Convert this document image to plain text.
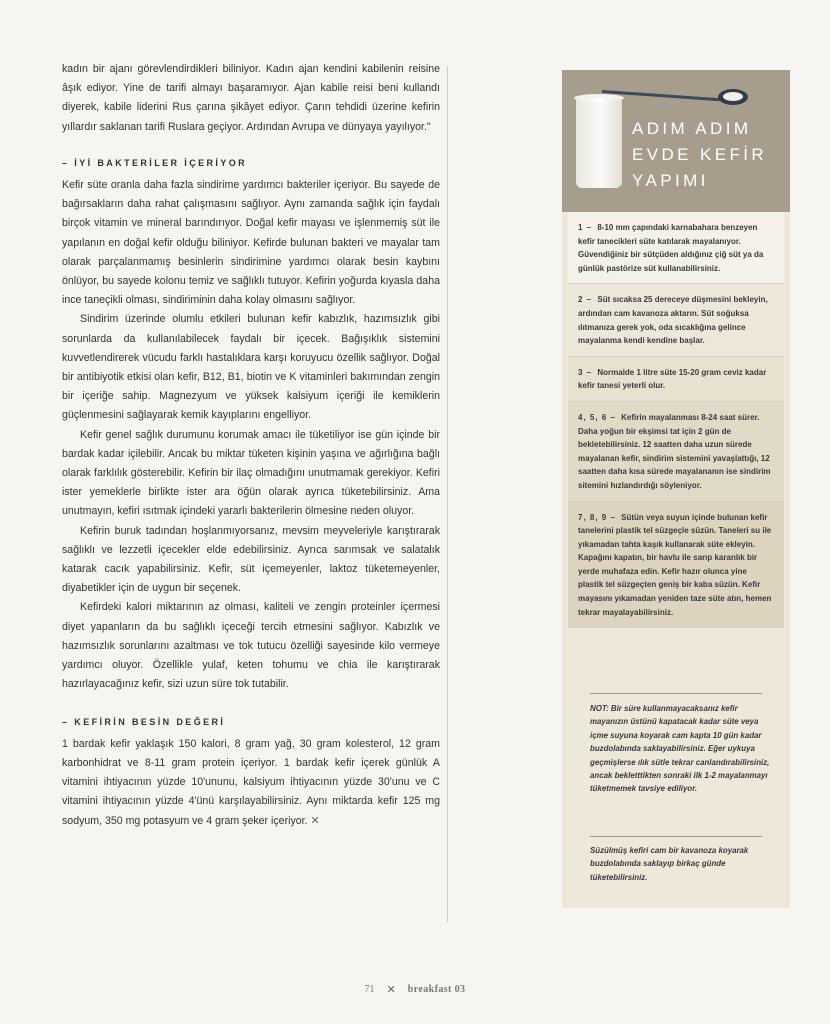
kadın bir ajanı görevlendirdikleri biliniyor. Kadın ajan kendini kabilenin reisine âşık ediyor. Yine de tarifi almayı başaramıyor. Ajan kabile reisi beni kullandı diyerek, kabile liderini Rus çarına şikâyet ediyor. Çarın tehdidi üzerine kefirin yıllardır saklanan tarifi Ruslara geçiyor. Ardından Avrupa ve dünyaya yayılıyor."

– İYİ BAKTERİLER İÇERİYOR

Kefir süte oranla daha fazla sindirime yardımcı bakteriler içeriyor. Bu sayede de bağırsakların daha rahat çalışmasını sağlıyor. Aynı zamanda sağlık için faydalı birçok vitamin ve mineral barındırıyor. Doğal kefir mayası ve işlenmemiş süt ile yapılanın en doğal kefir olduğu biliniyor. Kefirde bulunan bakteri ve mayalar tam olarak parçalanmamış besinlerin sindirimine yardımcı olarak besin kaybını önlüyor, bu sayede kolonu temiz ve sağlıklı tutuyor. Kefirin yoğurda kıyasla daha ince taneçikli olması, sindiriminin daha kolay olmasını sağlıyor.

Sindirim üzerinde olumlu etkileri bulunan kefir kabızlık, hazımsızlık gibi sorunlarda da kullanılabilecek faydalı bir içecek. Bağışıklık sistemini kuvvetlendirerek vücudu farklı hastalıklara karşı koruyucu özellik sağlıyor. Doğal bir antibiyotik etkisi olan kefir, B12, B1, biotin ve K vitaminleri bakımından zengin bir içeriğe sahip. Magnezyum ve yüksek kalsiyum içeriği ile kemiklerin güçlenmesini sağlayarak kemik kayıplarını engelliyor.

Kefir genel sağlık durumunu korumak amacı ile tüketiliyor ise gün içinde bir bardak kadar içilebilir. Ancak bu miktar tüketen kişinin yaşına ve ağırlığına bağlı olarak farklılık gösterebilir. Kefirin bir ilaç olmadığını unutmamak gerekiyor. Kefiri ister yemeklerle birlikte ister ara öğün olarak ayrıca tüketebilirsiniz. Ama unutmayın, kefiri ısıtmak içindeki yararlı bakterilerin ölmesine neden oluyor.

Kefirin buruk tadından hoşlanmıyorsanız, mevsim meyveleriyle karıştırarak sağlıklı ve lezzetli içecekler elde edebilirsiniz. Ayrıca sarımsak ve salatalık katarak cacık yapabilirsiniz. Kefir, süt içemeyenler, laktoz tüketemeyenler, diyabetikler için de uygun bir seçenek.

Kefirdeki kalori miktarının az olması, kaliteli ve zengin proteinler içermesi diyet yapanların da bu sağlıklı içeceği tercih etmesini sağlıyor. Kabızlık ve hazımsızlık sorunlarını azaltması ve tok tutucu özelliği sayesinde kilo vermeye yardımcı oluyor. Özellikle yulaf, keten tohumu ve chia ile karıştırarak hazırlayacağınız kefir, sizi uzun süre tok tutabilir.

– KEFİRİN BESİN DEĞERİ

1 bardak kefir yaklaşık 150 kalori, 8 gram yağ, 30 gram kolesterol, 12 gram karbonhidrat ve 8-11 gram protein içeriyor. 1 bardak kefir içerek günlük A vitamini ihtiyacının yüzde 10'ununu, kalsiyum ihtiyacının yüzde 30'unu ve C vitamini ihtiyacının yüzde 4'ünü karşılayabilirsiniz. Aynı miktarda kefir 125 mg sodyum, 350 mg potasyum ve 4 gram şeker içeriyor. ✕

ADIM ADIM
EVDE KEFİR
YAPIMI
1 – 8-10 mm çapındaki karnabahara benzeyen kefir tanecikleri süte katılarak mayalanıyor. Güvendiğiniz bir sütçüden aldığınız çiğ süt ya da günlük pastörize süt kullanabilirsiniz.
2 – Süt sıcaksa 25 dereceye düşmesini bekleyin, ardından cam kavanoza aktarın. Süt soğuksa ılıtmanıza gerek yok, oda sıcaklığına gelince mayalanma kendi kendine başlar.
3 – Normalde 1 litre süte 15-20 gram ceviz kadar kefir tanesi yeterli olur.
4, 5, 6 – Kefirin mayalanması 8-24 saat sürer. Daha yoğun bir ekşimsi tat için 2 gün de bekletebilirsiniz. 12 saatten daha uzun sürede mayalanan kefir, sindirim sistemini yavaşlattığı, 12 saatten daha kısa sürede mayalananın ise sindirim sitemini hızlandırdığı söyleniyor.
7, 8, 9 – Sütün veya suyun içinde bulunan kefir tanelerini plastik tel süzgeçle süzün. Taneleri su ile yıkamadan tahta kaşık kullanarak süte ekleyin. Kapağını kapatın, bir havlu ile sarıp karanlık bir yerde muhafaza edin. Kefir hazır olunca yine plastik tel süzgeçten geniş bir kaba süzün. Kefir mayasını yıkamadan yeniden taze süte atın, hemen tekrar mayalayabilirsiniz.
NOT: Bir süre kullanmayacaksanız kefir mayanızın üstünü kapatacak kadar süte veya içme suyuna koyarak cam kapta 10 gün kadar buzdolabında saklayabilirsiniz. Eğer uykuya geçmişlerse ılık sütle tekrar canlandırabilirsiniz, ancak bekletttikten sonraki ilk 1-2 mayalanmayı tüketmemek tavsiye ediliyor.
Süzülmüş kefiri cam bir kavanoza koyarak buzdolabında saklayıp birkaç günde tüketebilirsiniz.
71 ✕ breakfast 03
